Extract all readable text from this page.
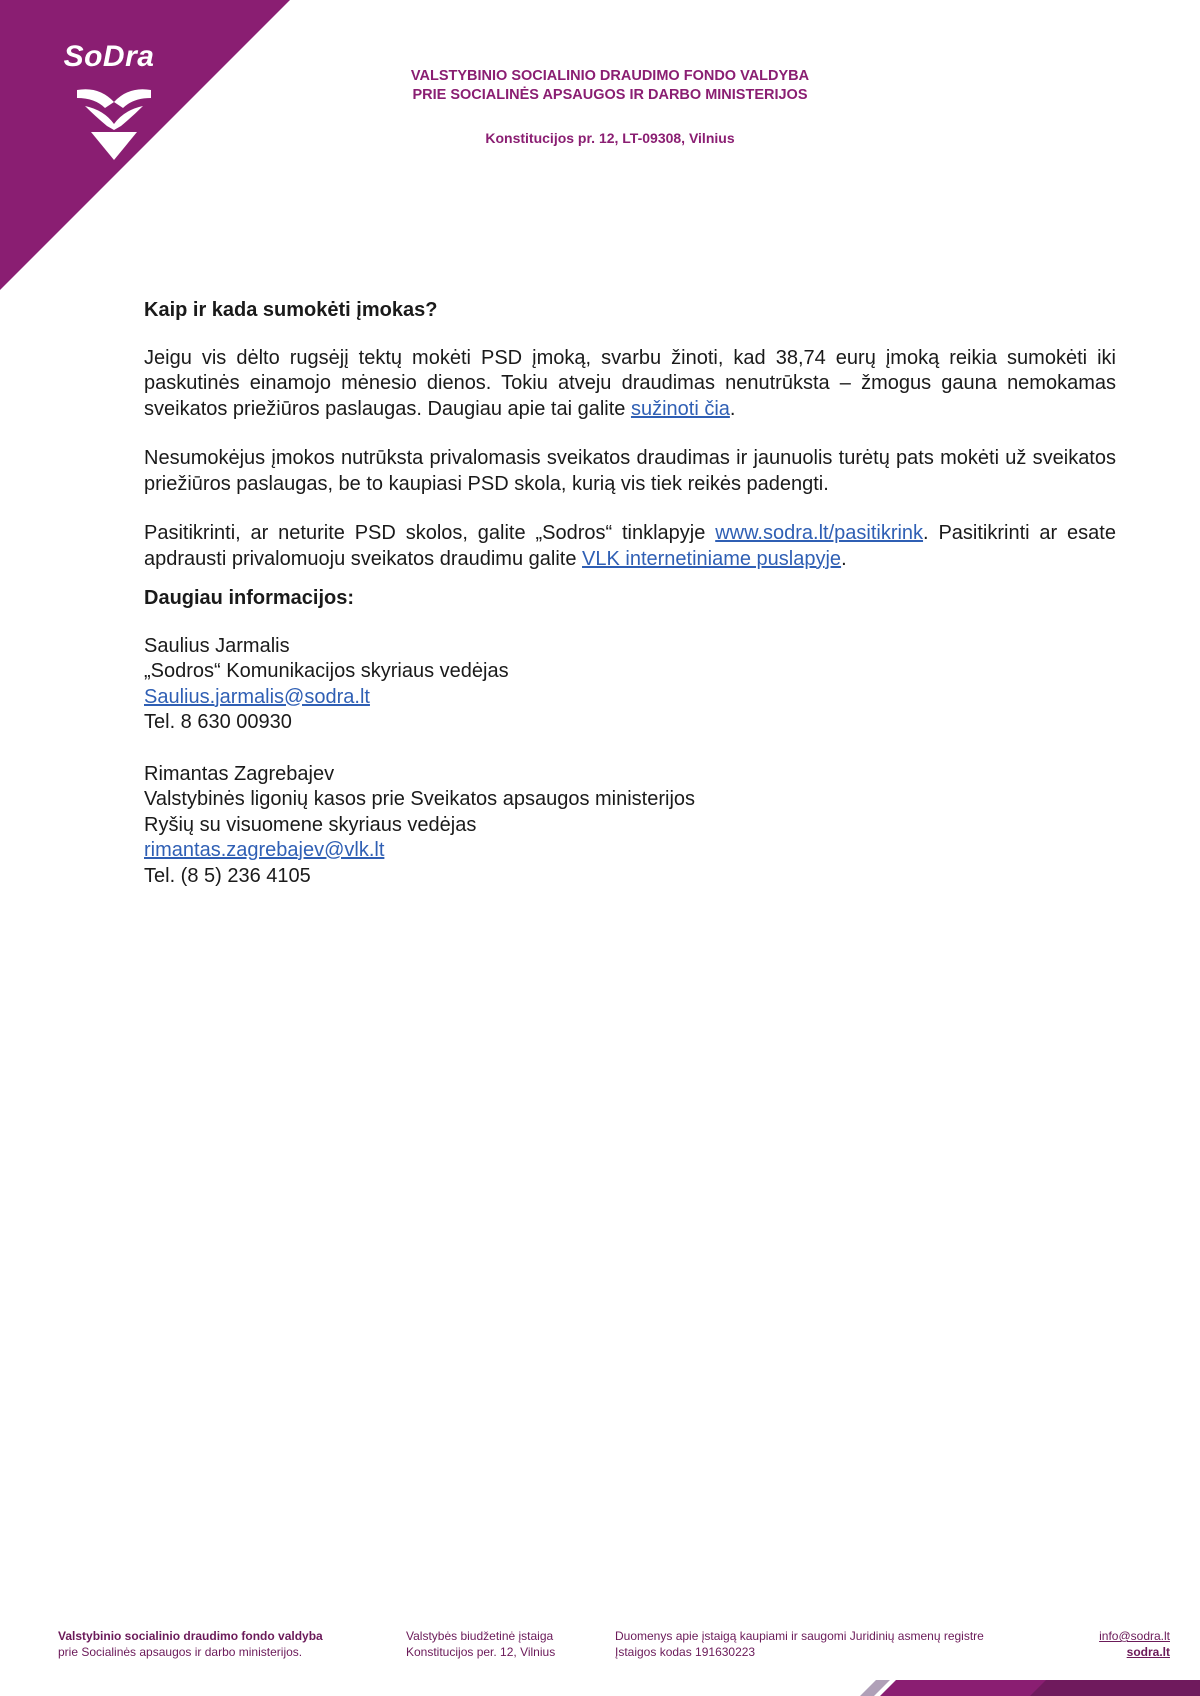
SoDra
VALSTYBINIO SOCIALINIO DRAUDIMO FONDO VALDYBA
PRIE SOCIALINĖS APSAUGOS IR DARBO MINISTERIJOS
Konstitucijos pr. 12, LT-09308, Vilnius

Kaip ir kada sumokėti įmokas?

Jeigu vis dėlto rugsėjį tektų mokėti PSD įmoką, svarbu žinoti, kad 38,74 eurų įmoką reikia sumokėti iki paskutinės einamojo mėnesio dienos. Tokiu atveju draudimas nenutrūksta – žmogus gauna nemokamas sveikatos priežiūros paslaugas. Daugiau apie tai galite sužinoti čia.

Nesumokėjus įmokos nutrūksta privalomasis sveikatos draudimas ir jaunuolis turėtų pats mokėti už sveikatos priežiūros paslaugas, be to kaupiasi PSD skola, kurią vis tiek reikės padengti.

Pasitikrinti, ar neturite PSD skolos, galite „Sodros“ tinklapyje www.sodra.lt/pasitikrink. Pasitikrinti ar esate apdrausti privalomuoju sveikatos draudimu galite VLK internetiniame puslapyje.

Daugiau informacijos:

Saulius Jarmalis
„Sodros“ Komunikacijos skyriaus vedėjas
Saulius.jarmalis@sodra.lt
Tel. 8 630 00930
Rimantas Zagrebajev
Valstybinės ligonių kasos prie Sveikatos apsaugos ministerijos
Ryšių su visuomene skyriaus vedėjas
rimantas.zagrebajev@vlk.lt
Tel. (8 5) 236 4105
Valstybinio socialinio draudimo fondo valdyba
prie Socialinės apsaugos ir darbo ministerijos.
Valstybės biudžetinė įstaiga
Konstitucijos per. 12, Vilnius
Duomenys apie įstaigą kaupiami ir saugomi Juridinių asmenų registre
Įstaigos kodas 191630223
info@sodra.lt
sodra.lt
